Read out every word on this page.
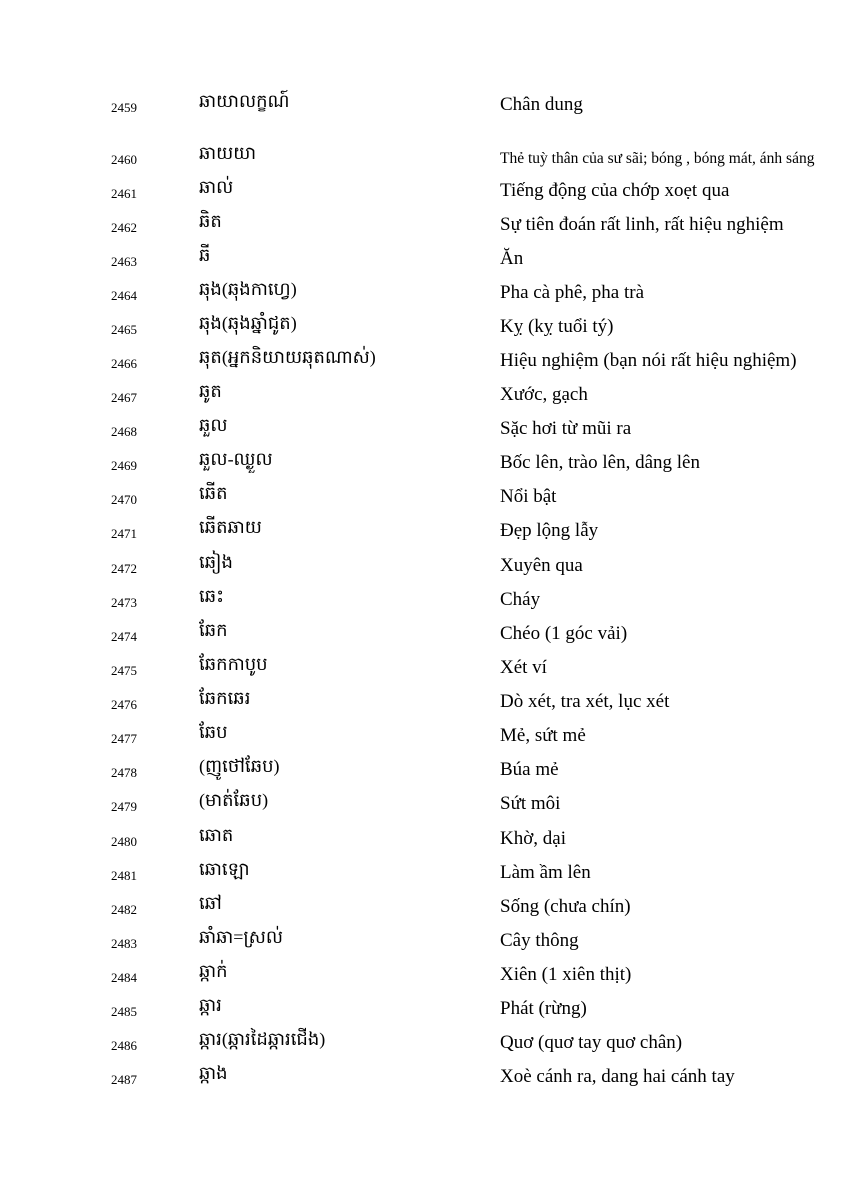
2459	ឆាយាលក្ខណ៍	Chân dung
2460	ឆាយយា	Thẻ tuỳ thân của sư sãi; bóng , bóng mát, ánh sáng
2461	ឆាល់	Tiếng động của chớp xoẹt qua
2462	ឆិត	Sự tiên đoán rất linh, rất hiệu nghiệm
2463	ឆី	Ăn
2464	ឆុង(ឆុងកាហ្វេ)	Pha cà phê, pha trà
2465	ឆុង(ឆុងឆ្នាំជូត)	Kỵ (kỵ tuổi tý)
2466	ឆុត(អ្នកនិយាយឆុតណាស់)	Hiệu nghiệm (bạn nói rất hiệu nghiệm)
2467	ឆូត	Xước, gạch
2468	ឆួល	Sặc hơi từ mũi ra
2469	ឆួល-ឈ្ងួល	Bốc lên, trào lên, dâng lên
2470	ឆើត	Nổi bật
2471	ឆើតឆាយ	Đẹp lộng lẫy
2472	ឆៀង	Xuyên qua
2473	ឆេះ	Cháy
2474	ឆែក	Chéo (1 góc vải)
2475	ឆែកកាបូប	Xét ví
2476	ឆែកឆេរ	Dò xét, tra xét, lục xét
2477	ឆែប	Mẻ, sứt mẻ
2478	(ញូថៅឆែប)	Búa mẻ
2479	(មាត់ឆែប)	Sứt môi
2480	ឆោត	Khờ, dại
2481	ឆោឡោ	Làm ầm lên
2482	ឆៅ	Sống (chưa chín)
2483	ឆាំឆា=ស្រល់	Cây thông
2484	ឆ្កាក់	Xiên (1 xiên thịt)
2485	ឆ្ការ	Phát (rừng)
2486	ឆ្ការ(ឆ្ការដៃឆ្ការជើង)	Quơ (quơ tay quơ chân)
2487	ឆ្កាង	Xoè cánh ra, dang hai cánh tay
